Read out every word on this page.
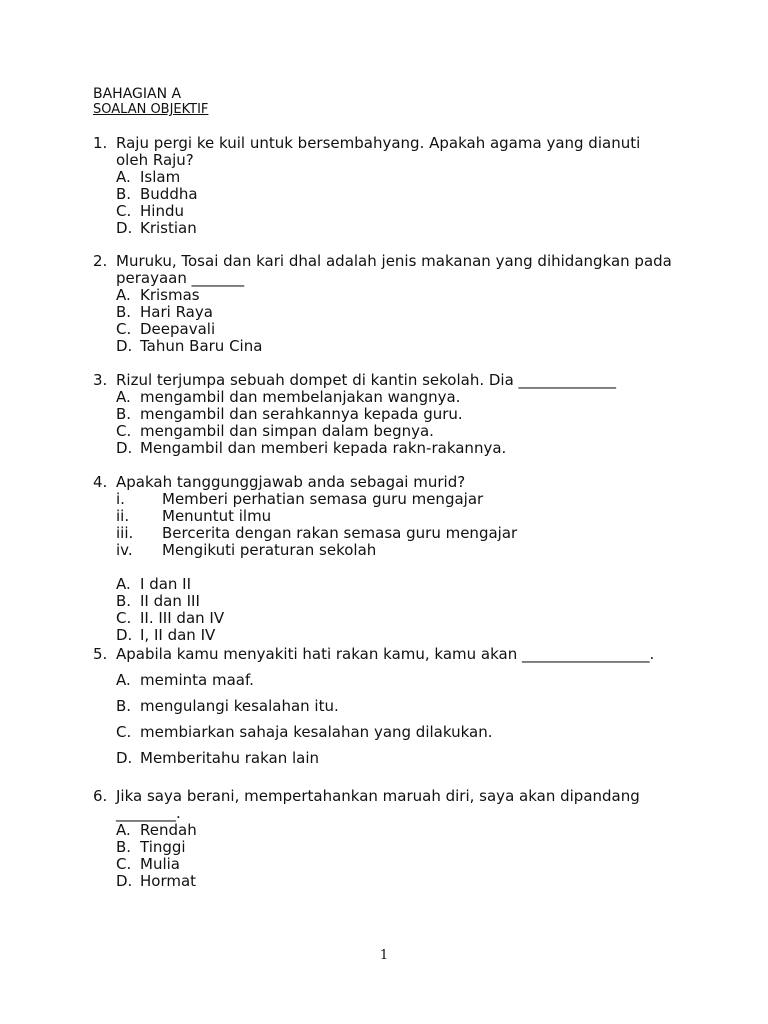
BAHAGIAN A
SOALAN OBJEKTIF
1. Raju pergi ke kuil untuk bersembahyang. Apakah agama yang dianuti oleh Raju?
A. Islam
B. Buddha
C. Hindu
D. Kristian
2. Muruku, Tosai dan kari dhal adalah jenis makanan yang dihidangkan pada perayaan _______
A. Krismas
B. Hari Raya
C. Deepavali
D. Tahun Baru Cina
3. Rizul terjumpa sebuah dompet di kantin sekolah. Dia _____________
A. mengambil dan membelanjakan wangnya.
B. mengambil dan serahkannya kepada guru.
C. mengambil dan simpan dalam begnya.
D. Mengambil dan memberi kepada rakn-rakannya.
4. Apakah tanggunggjawab anda sebagai murid?
i.	Memberi perhatian semasa guru mengajar
ii.	Menuntut ilmu
iii.	Bercerita dengan rakan semasa guru mengajar
iv.	Mengikuti peraturan sekolah
A. I dan II
B. II dan III
C. II. III dan IV
D. I, II dan IV
5. Apabila kamu menyakiti hati rakan kamu, kamu akan _________________.
A. meminta maaf.
B. mengulangi kesalahan itu.
C. membiarkan sahaja kesalahan yang dilakukan.
D. Memberitahu rakan lain
6. Jika saya berani, mempertahankan maruah diri, saya akan dipandang ________.
A. Rendah
B. Tinggi
C. Mulia
D. Hormat
1
